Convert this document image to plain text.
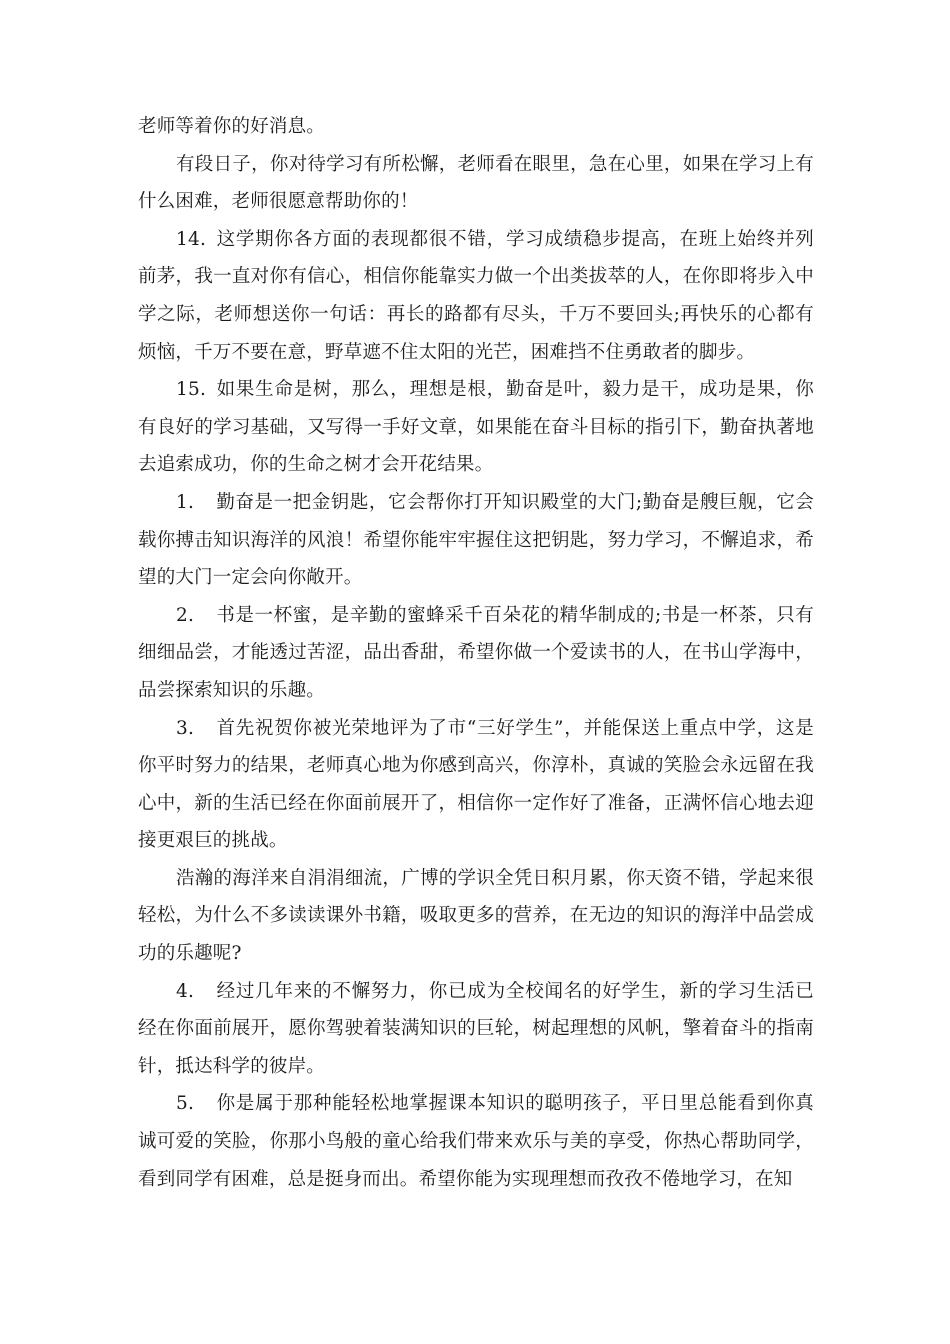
老师等着你的好消息。

有段日子，你对待学习有所松懈，老师看在眼里，急在心里，如果在学习上有什么困难，老师很愿意帮助你的！

14. 这学期你各方面的表现都很不错，学习成绩稳步提高，在班上始终并列前茅，我一直对你有信心，相信你能靠实力做一个出类拔萃的人，在你即将步入中学之际，老师想送你一句话：再长的路都有尽头，千万不要回头;再快乐的心都有烦恼，千万不要在意，野草遮不住太阳的光芒，困难挡不住勇敢者的脚步。

15. 如果生命是树，那么，理想是根，勤奋是叶，毅力是干，成功是果，你有良好的学习基础，又写得一手好文章，如果能在奋斗目标的指引下，勤奋执著地去追索成功，你的生命之树才会开花结果。

1. 勤奋是一把金钥匙，它会帮你打开知识殿堂的大门;勤奋是艘巨舰，它会载你搏击知识海洋的风浪！希望你能牢牢握住这把钥匙，努力学习，不懈追求，希望的大门一定会向你敞开。

2. 书是一杯蜜，是辛勤的蜜蜂采千百朵花的精华制成的;书是一杯茶，只有细细品尝，才能透过苦涩，品出香甜，希望你做一个爱读书的人，在书山学海中，品尝探索知识的乐趣。

3. 首先祝贺你被光荣地评为了市“三好学生”，并能保送上重点中学，这是你平时努力的结果，老师真心地为你感到高兴，你淳朴，真诚的笑脸会永远留在我心中，新的生活已经在你面前展开了，相信你一定作好了准备，正满怀信心地去迎接更艰巨的挑战。

浩瀚的海洋来自涓涓细流，广博的学识全凭日积月累，你天资不错，学起来很轻松，为什么不多读读课外书籍，吸取更多的营养，在无边的知识的海洋中品尝成功的乐趣呢?

4. 经过几年来的不懈努力，你已成为全校闻名的好学生，新的学习生活已经在你面前展开，愿你驾驶着装满知识的巨轮，树起理想的风帆，擎着奋斗的指南针，抵达科学的彼岸。

5. 你是属于那种能轻松地掌握课本知识的聪明孩子，平日里总能看到你真诚可爱的笑脸，你那小鸟般的童心给我们带来欢乐与美的享受，你热心帮助同学，看到同学有困难，总是挺身而出。希望你能为实现理想而孜孜不倦地学习，在知
